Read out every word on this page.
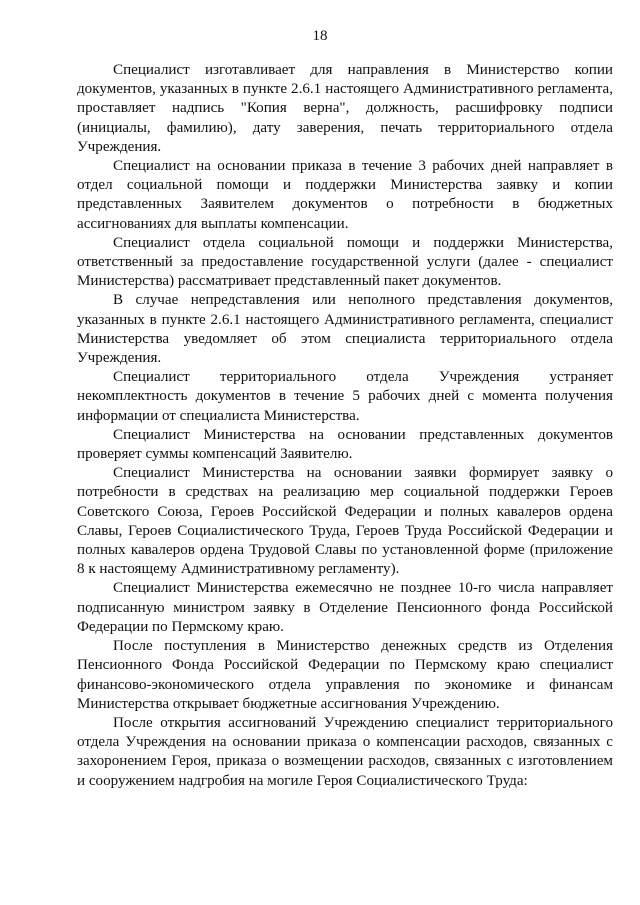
18

Специалист изготавливает для направления в Министерство копии документов, указанных в пункте 2.6.1 настоящего Административного регламента, проставляет надпись "Копия верна", должность, расшифровку подписи (инициалы, фамилию), дату заверения, печать территориального отдела Учреждения.

Специалист на основании приказа в течение 3 рабочих дней направляет в отдел социальной помощи и поддержки Министерства заявку и копии представленных Заявителем документов о потребности в бюджетных ассигнованиях для выплаты компенсации.

Специалист отдела социальной помощи и поддержки Министерства, ответственный за предоставление государственной услуги (далее - специалист Министерства) рассматривает представленный пакет документов.

В случае непредставления или неполного представления документов, указанных в пункте 2.6.1 настоящего Административного регламента, специалист Министерства уведомляет об этом специалиста территориального отдела Учреждения.

Специалист территориального отдела Учреждения устраняет некомплектность документов в течение 5 рабочих дней с момента получения информации от специалиста Министерства.

Специалист Министерства на основании представленных документов проверяет суммы компенсаций Заявителю.

Специалист Министерства на основании заявки формирует заявку о потребности в средствах на реализацию мер социальной поддержки Героев Советского Союза, Героев Российской Федерации и полных кавалеров ордена Славы, Героев Социалистического Труда, Героев Труда Российской Федерации и полных кавалеров ордена Трудовой Славы по установленной форме (приложение 8 к настоящему Административному регламенту).

Специалист Министерства ежемесячно не позднее 10-го числа направляет подписанную министром заявку в Отделение Пенсионного фонда Российской Федерации по Пермскому краю.

После поступления в Министерство денежных средств из Отделения Пенсионного Фонда Российской Федерации по Пермскому краю специалист финансово-экономического отдела управления по экономике и финансам Министерства открывает бюджетные ассигнования Учреждению.

После открытия ассигнований Учреждению специалист территориального отдела Учреждения на основании приказа о компенсации расходов, связанных с захоронением Героя, приказа о возмещении расходов, связанных с изготовлением и сооружением надгробия на могиле Героя Социалистического Труда:
